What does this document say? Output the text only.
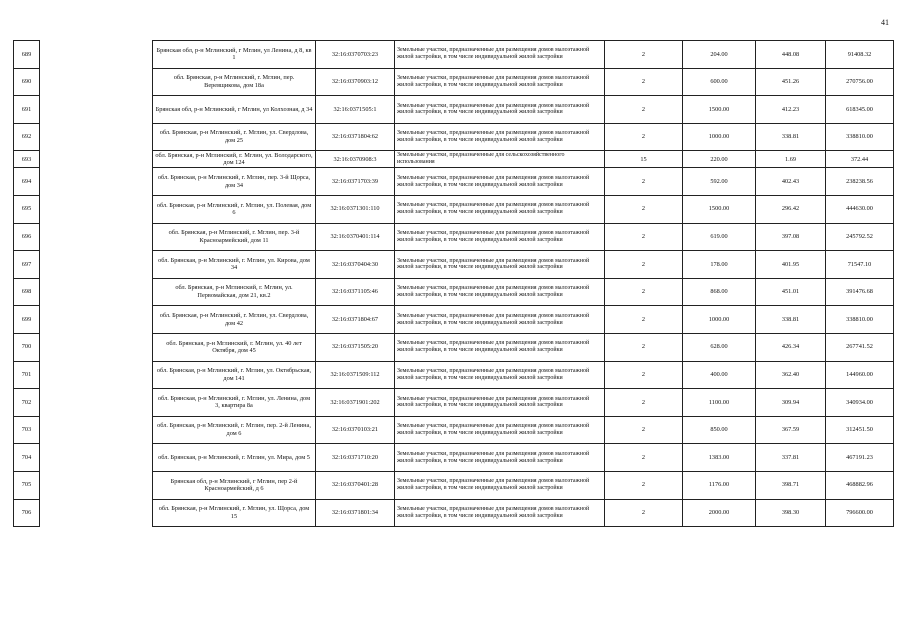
41
689		Брянская обл, р-н Мглинский, г Мглин, ул Ленина, д 8, кв 1	32:16:0370703:23	Земельные участки, предназначенные для размещения домов малоэтажной жилой застройки, в том числе индивидуальной жилой застройки	2	204.00	448.08	91408.32
690		обл. Брянская, р-н Мглинский, г. Мглин, пер. Веревщикова, дом 18а	32:16:0370903:12	Земельные участки, предназначенные для размещения домов малоэтажной жилой застройки, в том числе индивидуальной жилой застройки	2	600.00	451.26	270756.00
691		Брянская обл, р-н Мглинский, г Мглин, ул Колхозная, д 34	32:16:0371505:1	Земельные участки, предназначенные для размещения домов малоэтажной жилой застройки, в том числе индивидуальной жилой застройки	2	1500.00	412.23	618345.00
692		обл. Брянская, р-н Мглинский, г. Мглин, ул. Свердлова, дом 25	32:16:0371804:62	Земельные участки, предназначенные для размещения домов малоэтажной жилой застройки, в том числе индивидуальной жилой застройки	2	1000.00	338.81	338810.00
693		обл. Брянская, р-н Мглинский, г. Мглин, ул. Володарского, дом 124	32:16:0370908:3	Земельные участки, предназначенные для сельскохозяйственного использования	15	220.00	1.69	372.44
694		обл. Брянская, р-н Мглинский, г. Мглин, пер. 3-й Щорса, дом 34	32:16:0371703:39	Земельные участки, предназначенные для размещения домов малоэтажной жилой застройки, в том числе индивидуальной жилой застройки	2	592.00	402.43	238238.56
695		обл. Брянская, р-н Мглинский, г. Мглин, ул. Полевая, дом 6	32:16:0371301:110	Земельные участки, предназначенные для размещения домов малоэтажной жилой застройки, в том числе индивидуальной жилой застройки	2	1500.00	296.42	444630.00
696		обл. Брянская, р-н Мглинский, г. Мглин, пер. 3-й Красноармейский, дом 11	32:16:0370401:114	Земельные участки, предназначенные для размещения домов малоэтажной жилой застройки, в том числе индивидуальной жилой застройки	2	619.00	397.08	245792.52
697		обл. Брянская, р-н Мглинский, г. Мглин, ул. Кирова, дом 34	32:16:0370404:30	Земельные участки, предназначенные для размещения домов малоэтажной жилой застройки, в том числе индивидуальной жилой застройки	2	178.00	401.95	71547.10
698		обл. Брянская, р-н Мглинский, г. Мглин, ул. Первомайская, дом 21, кв.2	32:16:0371105:46	Земельные участки, предназначенные для размещения домов малоэтажной жилой застройки, в том числе индивидуальной жилой застройки	2	868.00	451.01	391476.68
699		обл. Брянская, р-н Мглинский, г. Мглин, ул. Свердлова, дом 42	32:16:0371804:67	Земельные участки, предназначенные для размещения домов малоэтажной жилой застройки, в том числе индивидуальной жилой застройки	2	1000.00	338.81	338810.00
700		обл. Брянская, р-н Мглинский, г. Мглин, ул. 40 лет Октября, дом 45	32:16:0371505:20	Земельные участки, предназначенные для размещения домов малоэтажной жилой застройки, в том числе индивидуальной жилой застройки	2	628.00	426.34	267741.52
701		обл. Брянская, р-н Мглинский, г. Мглин, ул. Октябрьская, дом 141	32:16:0371509:112	Земельные участки, предназначенные для размещения домов малоэтажной жилой застройки, в том числе индивидуальной жилой застройки	2	400.00	362.40	144960.00
702		обл. Брянская, р-н Мглинский, г. Мглин, ул. Ленина, дом 3, квартира 8а	32:16:0371901:202	Земельные участки, предназначенные для размещения домов малоэтажной жилой застройки, в том числе индивидуальной жилой застройки	2	1100.00	309.94	340934.00
703		обл. Брянская, р-н Мглинский, г. Мглин, пер. 2-й Ленина, дом 6	32:16:0370103:21	Земельные участки, предназначенные для размещения домов малоэтажной жилой застройки, в том числе индивидуальной жилой застройки	2	850.00	367.59	312451.50
704		обл. Брянская, р-н Мглинский, г. Мглин, ул. Мира, дом 5	32:16:0371710:20	Земельные участки, предназначенные для размещения домов малоэтажной жилой застройки, в том числе индивидуальной жилой застройки	2	1383.00	337.81	467191.23
705		Брянская обл, р-н Мглинский, г Мглин, пер 2-й Красноармейский, д 6	32:16:0370401:28	Земельные участки, предназначенные для размещения домов малоэтажной жилой застройки, в том числе индивидуальной жилой застройки	2	1176.00	398.71	468882.96
706		обл. Брянская, р-н Мглинский, г. Мглин, ул. Щорса, дом 15	32:16:0371801:34	Земельные участки, предназначенные для размещения домов малоэтажной жилой застройки, в том числе индивидуальной жилой застройки	2	2000.00	398.30	796600.00
